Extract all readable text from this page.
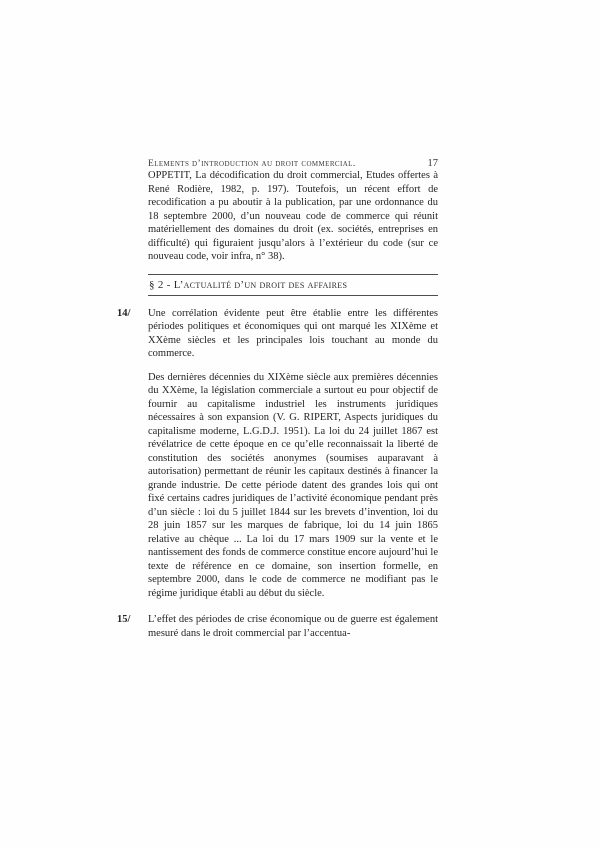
Elements d’introduction au droit commercial.	17

OPPETIT, La décodification du droit commercial, Etudes offertes à René Rodière, 1982, p. 197). Toutefois, un récent effort de recodification a pu aboutir à la publication, par une ordonnance du 18 septembre 2000, d’un nouveau code de commerce qui réunit matériellement des domaines du droit (ex. sociétés, entreprises en difficulté) qui figuraient jusqu’alors à l’extérieur du code (sur ce nouveau code, voir infra, n° 38).

§ 2 - L’actualité d’un droit des affaires
14/ Une corrélation évidente peut être établie entre les différentes périodes politiques et économiques qui ont marqué les XIXème et XXème siècles et les principales lois touchant au monde du commerce.

Des dernières décennies du XIXème siècle aux premières décennies du XXème, la législation commerciale a surtout eu pour objectif de fournir au capitalisme industriel les instruments juridiques nécessaires à son expansion (V. G. RIPERT, Aspects juridiques du capitalisme moderne, L.G.D.J. 1951). La loi du 24 juillet 1867 est révélatrice de cette époque en ce qu’elle reconnaissait la liberté de constitution des sociétés anonymes (soumises auparavant à autorisation) permettant de réunir les capitaux destinés à financer la grande industrie. De cette période datent des grandes lois qui ont fixé certains cadres juridiques de l’activité économique pendant près d’un siècle : loi du 5 juillet 1844 sur les brevets d’invention, loi du 28 juin 1857 sur les marques de fabrique, loi du 14 juin 1865 relative au chèque ... La loi du 17 mars 1909 sur la vente et le nantissement des fonds de commerce constitue encore aujourd’hui le texte de référence en ce domaine, son insertion formelle, en septembre 2000, dans le code de commerce ne modifiant pas le régime juridique établi au début du siècle.

15/ L’effet des périodes de crise économique ou de guerre est également mesuré dans le droit commercial par l’accentua-
